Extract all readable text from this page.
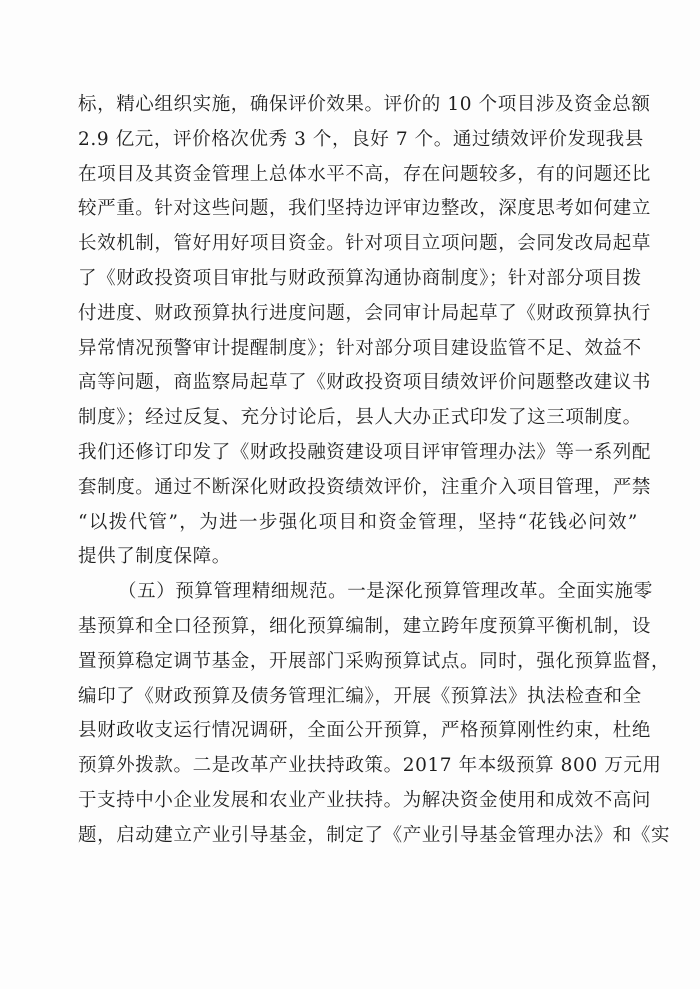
标，精心组织实施，确保评价效果。评价的 10 个项目涉及资金总额
2.9 亿元，评价格次优秀 3 个，良好 7 个。通过绩效评价发现我县
在项目及其资金管理上总体水平不高，存在问题较多，有的问题还比
较严重。针对这些问题，我们坚持边评审边整改，深度思考如何建立
长效机制，管好用好项目资金。针对项目立项问题，会同发改局起草
了《财政投资项目审批与财政预算沟通协商制度》；针对部分项目拨
付进度、财政预算执行进度问题，会同审计局起草了《财政预算执行
异常情况预警审计提醒制度》；针对部分项目建设监管不足、效益不
高等问题，商监察局起草了《财政投资项目绩效评价问题整改建议书
制度》；经过反复、充分讨论后，县人大办正式印发了这三项制度。
我们还修订印发了《财政投融资建设项目评审管理办法》等一系列配
套制度。通过不断深化财政投资绩效评价，注重介入项目管理，严禁
“以拨代管”，为进一步强化项目和资金管理，坚持“花钱必问效”
提供了制度保障。
（五）预算管理精细规范。一是深化预算管理改革。全面实施零
基预算和全口径预算，细化预算编制，建立跨年度预算平衡机制，设
置预算稳定调节基金，开展部门采购预算试点。同时，强化预算监督，
编印了《财政预算及债务管理汇编》，开展《预算法》执法检查和全
县财政收支运行情况调研，全面公开预算，严格预算刚性约束，杜绝
预算外拨款。二是改革产业扶持政策。2017 年本级预算 800 万元用
于支持中小企业发展和农业产业扶持。为解决资金使用和成效不高问
题，启动建立产业引导基金，制定了《产业引导基金管理办法》和《实
